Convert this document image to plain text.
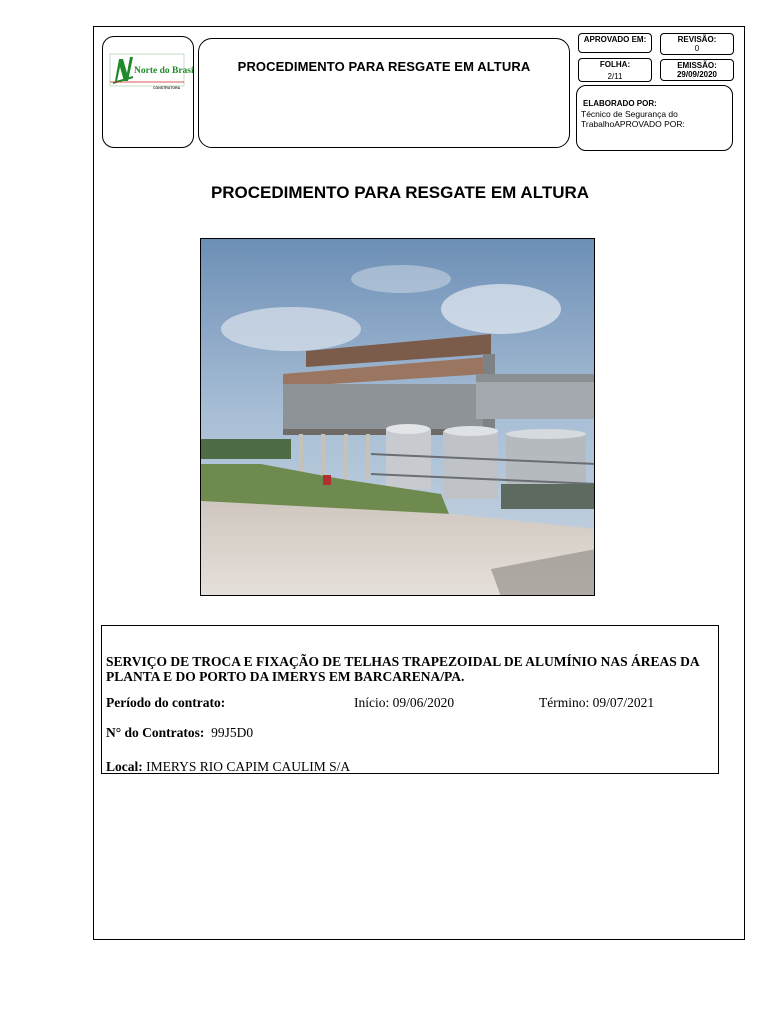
Norte do Brasil
CONSTRUTORA
PROCEDIMENTO PARA RESGATE EM ALTURA
APROVADO EM:	REVISÃO:
0
FOLHA:
2/11
EMISSÃO:
29/09/2020
ELABORADO POR:
Técnico de Segurança do TrabalhoAPROVADO POR:
PROCEDIMENTO PARA RESGATE EM ALTURA
SERVIÇO DE TROCA E FIXAÇÃO DE TELHAS TRAPEZOIDAL DE ALUMÍNIO NAS ÁREAS DA PLANTA E DO PORTO DA IMERYS EM BARCARENA/PA.
Período do contrato:	Início: 09/06/2020	Término: 09/07/2021
N° do Contratos: 99J5D0
Local: IMERYS RIO CAPIM CAULIM S/A
